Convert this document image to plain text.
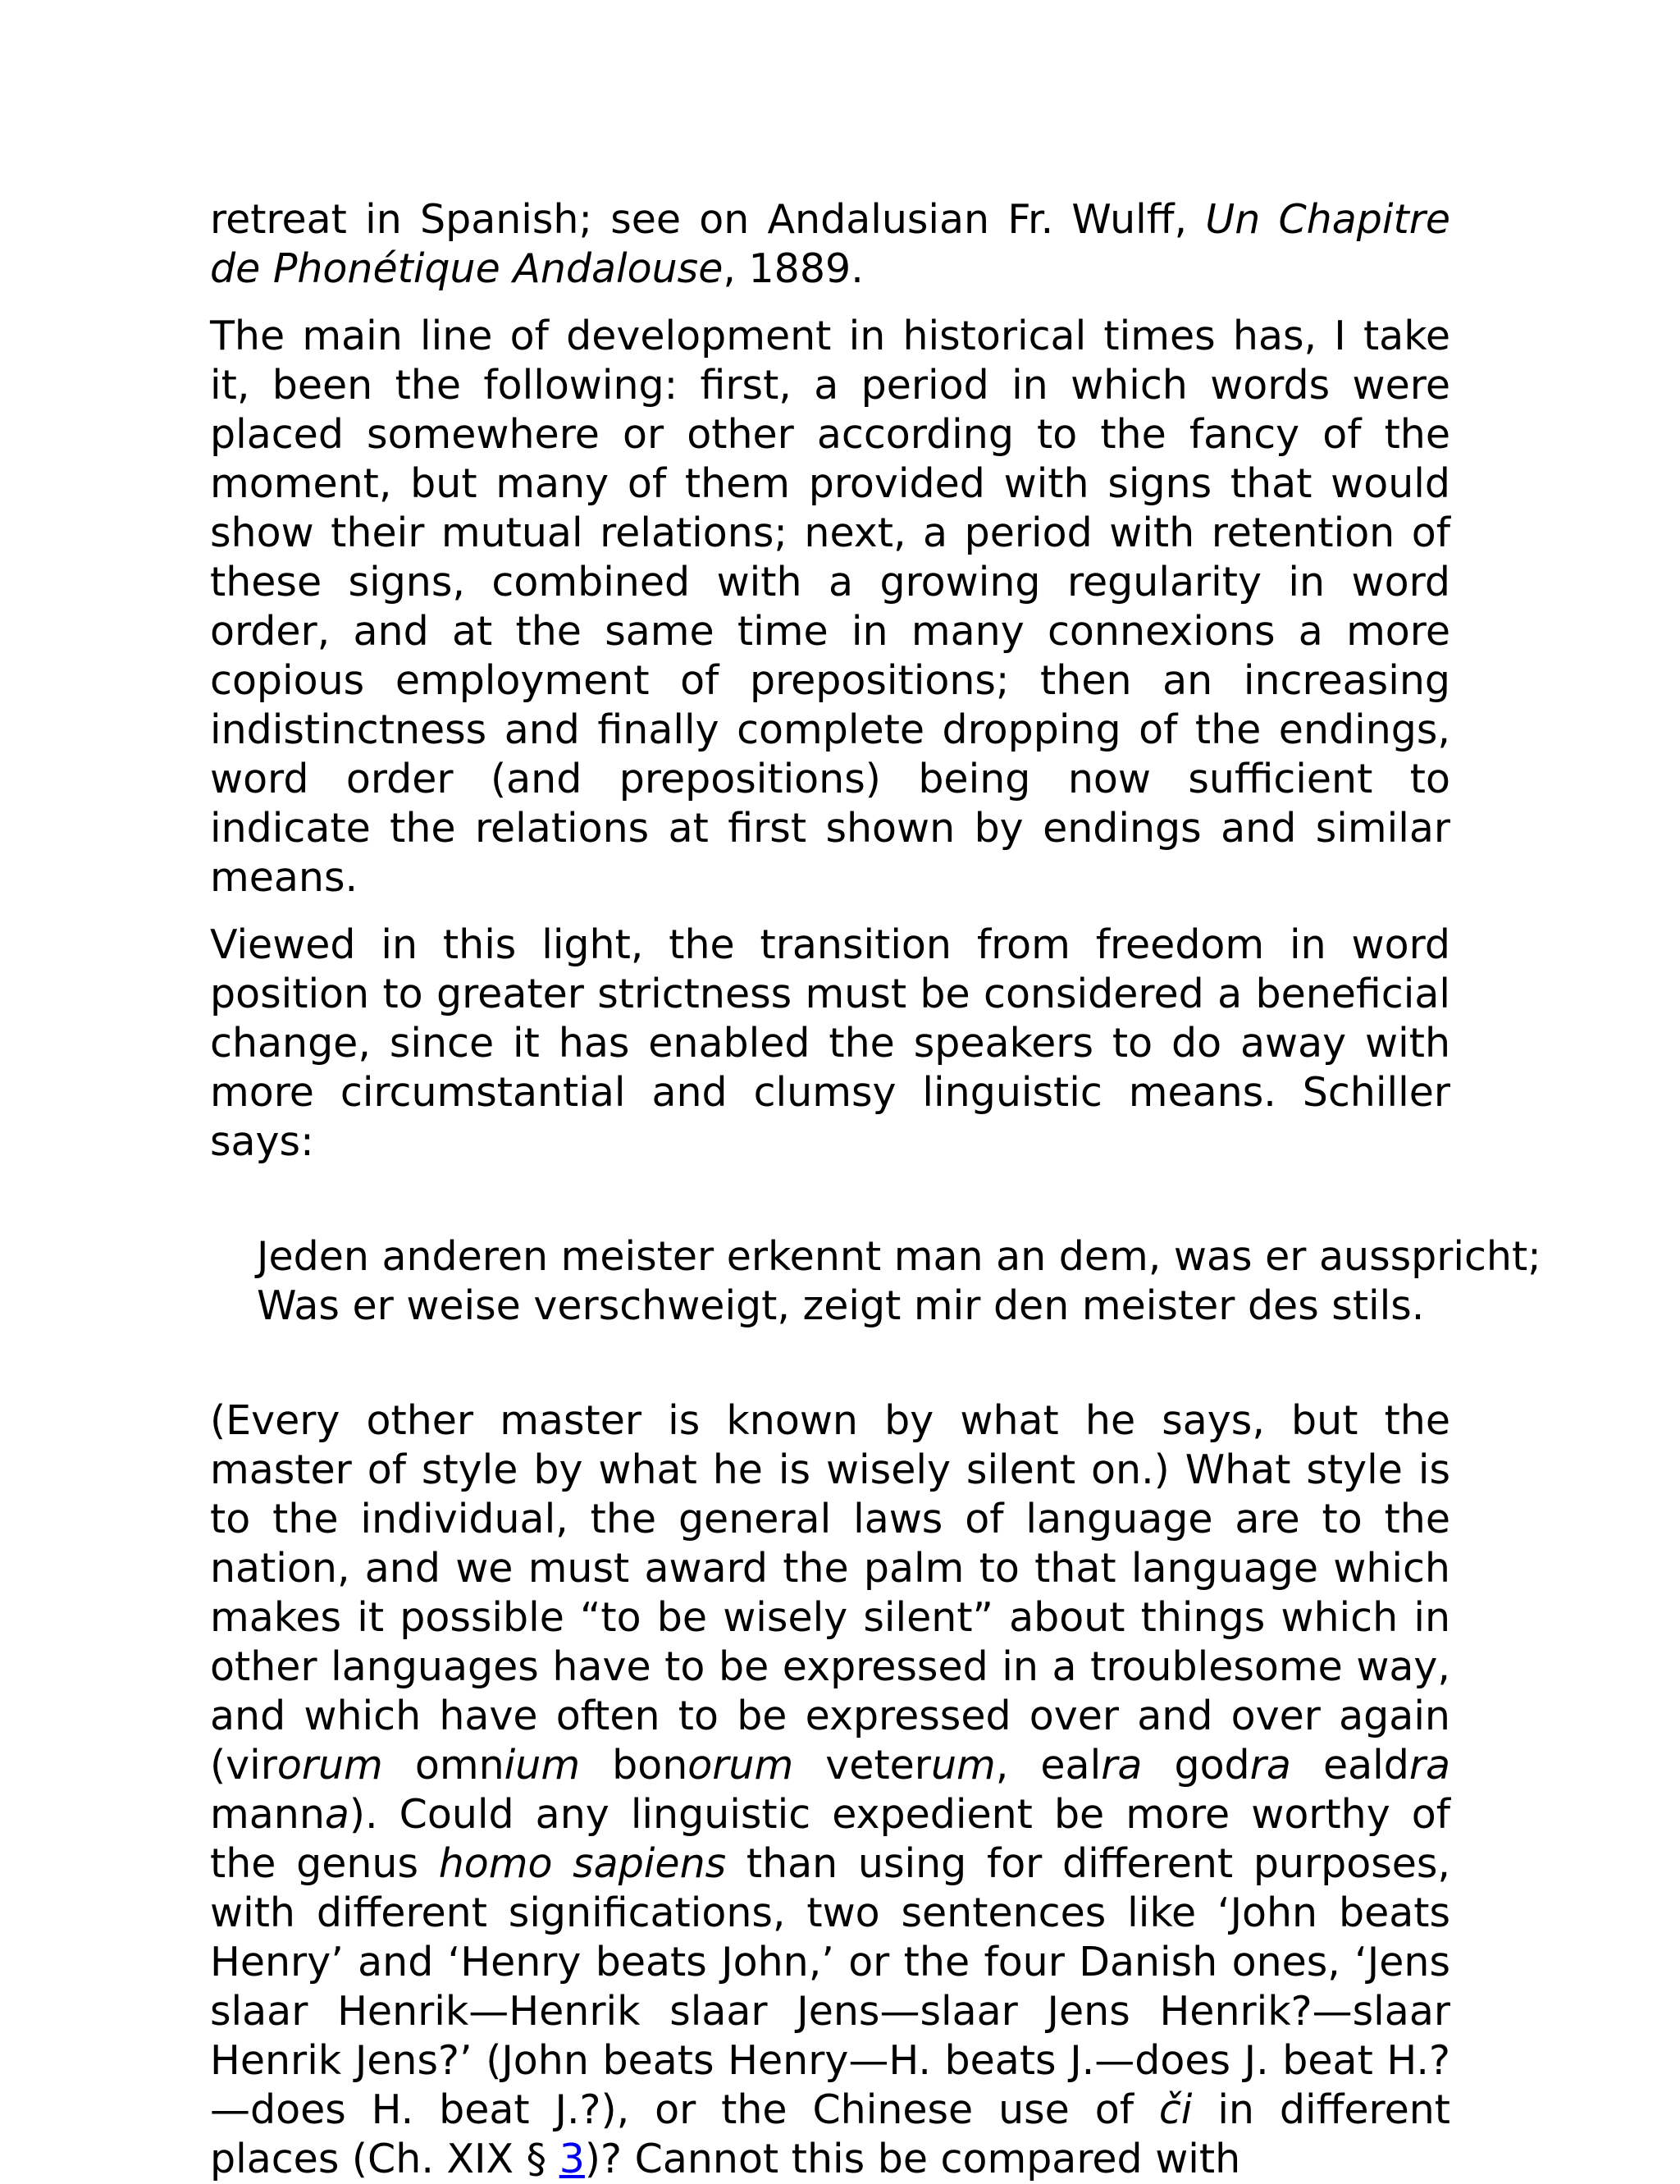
retreat in Spanish; see on Andalusian Fr. Wulff, Un Chapitre de Phonétique Andalouse, 1889.

The main line of development in historical times has, I take it, been the following: first, a period in which words were placed somewhere or other according to the fancy of the moment, but many of them provided with signs that would show their mutual relations; next, a period with retention of these signs, combined with a growing regularity in word order, and at the same time in many connexions a more copious employment of prepositions; then an increasing indistinctness and finally complete dropping of the endings, word order (and prepositions) being now sufficient to indicate the relations at first shown by endings and similar means.

Viewed in this light, the transition from freedom in word position to greater strictness must be considered a beneficial change, since it has enabled the speakers to do away with more circumstantial and clumsy linguistic means. Schiller says:

Jeden anderen meister erkennt man an dem, was er ausspricht;
Was er weise verschweigt, zeigt mir den meister des stils.

(Every other master is known by what he says, but the master of style by what he is wisely silent on.) What style is to the individual, the general laws of language are to the nation, and we must award the palm to that language which makes it possible “to be wisely silent” about things which in other languages have to be expressed in a troublesome way, and which have often to be expressed over and over again (virorum omnium bonorum veterum, ealra godra ealdra manna). Could any linguistic expedient be more worthy of the genus homo sapiens than using for different purposes, with different significations, two sentences like ‘John beats Henry’ and ‘Henry beats John,’ or the four Danish ones, ‘Jens slaar Henrik—Henrik slaar Jens—slaar Jens Henrik?—slaar Henrik Jens?’ (John beats Henry—H. beats J.—does J. beat H.?—does H. beat J.?), or the Chinese use of či in different places (Ch. XIX § 3)? Cannot this be compared with
